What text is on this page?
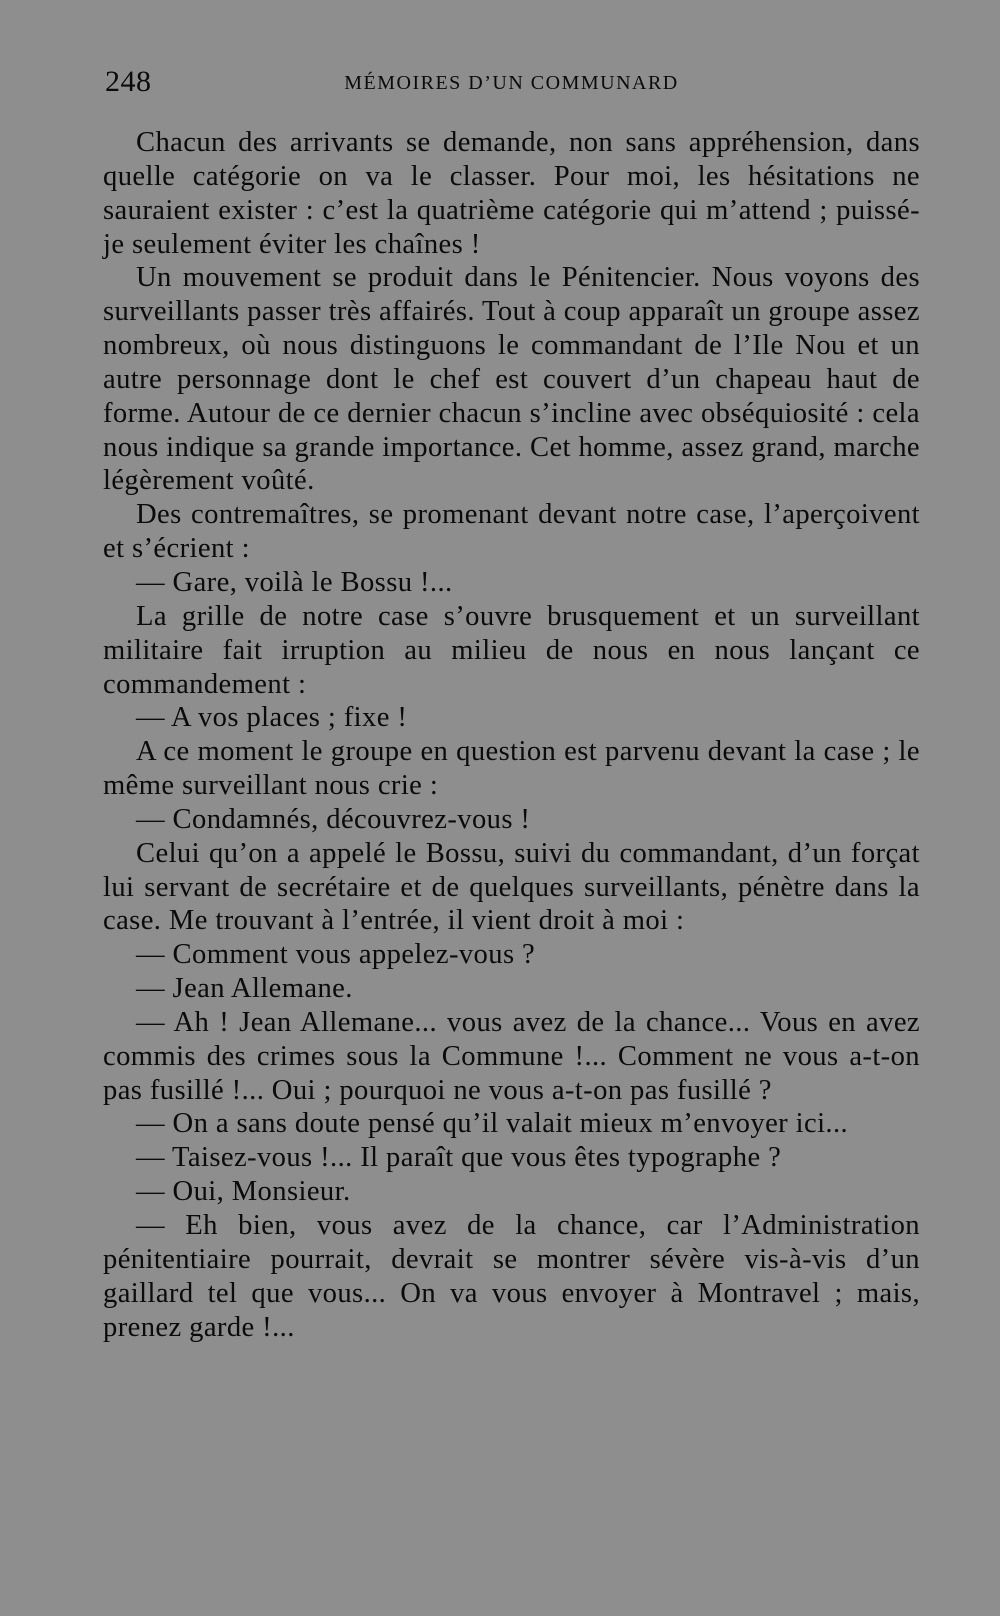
248	MÉMOIRES D’UN COMMUNARD

Chacun des arrivants se demande, non sans appréhension, dans quelle catégorie on va le classer. Pour moi, les hésitations ne sauraient exister : c’est la quatrième catégorie qui m’attend ; puissé-je seulement éviter les chaînes !

Un mouvement se produit dans le Pénitencier. Nous voyons des surveillants passer très affairés. Tout à coup apparaît un groupe assez nombreux, où nous distinguons le commandant de l’Ile Nou et un autre personnage dont le chef est couvert d’un chapeau haut de forme. Autour de ce dernier chacun s’incline avec obséquiosité : cela nous indique sa grande importance. Cet homme, assez grand, marche légèrement voûté.

Des contremaîtres, se promenant devant notre case, l’aperçoivent et s’écrient :

— Gare, voilà le Bossu !...

La grille de notre case s’ouvre brusquement et un surveillant militaire fait irruption au milieu de nous en nous lançant ce commandement :

— A vos places ; fixe !

A ce moment le groupe en question est parvenu devant la case ; le même surveillant nous crie :

— Condamnés, découvrez-vous !

Celui qu’on a appelé le Bossu, suivi du commandant, d’un forçat lui servant de secrétaire et de quelques surveillants, pénètre dans la case. Me trouvant à l’entrée, il vient droit à moi :

— Comment vous appelez-vous ?

— Jean Allemane.

— Ah ! Jean Allemane... vous avez de la chance... Vous en avez commis des crimes sous la Commune !... Comment ne vous a-t-on pas fusillé !... Oui ; pourquoi ne vous a-t-on pas fusillé ?

— On a sans doute pensé qu’il valait mieux m’envoyer ici...

— Taisez-vous !... Il paraît que vous êtes typographe ?

— Oui, Monsieur.

— Eh bien, vous avez de la chance, car l’Administration pénitentiaire pourrait, devrait se montrer sévère vis-à-vis d’un gaillard tel que vous... On va vous envoyer à Montravel ; mais, prenez garde !...
